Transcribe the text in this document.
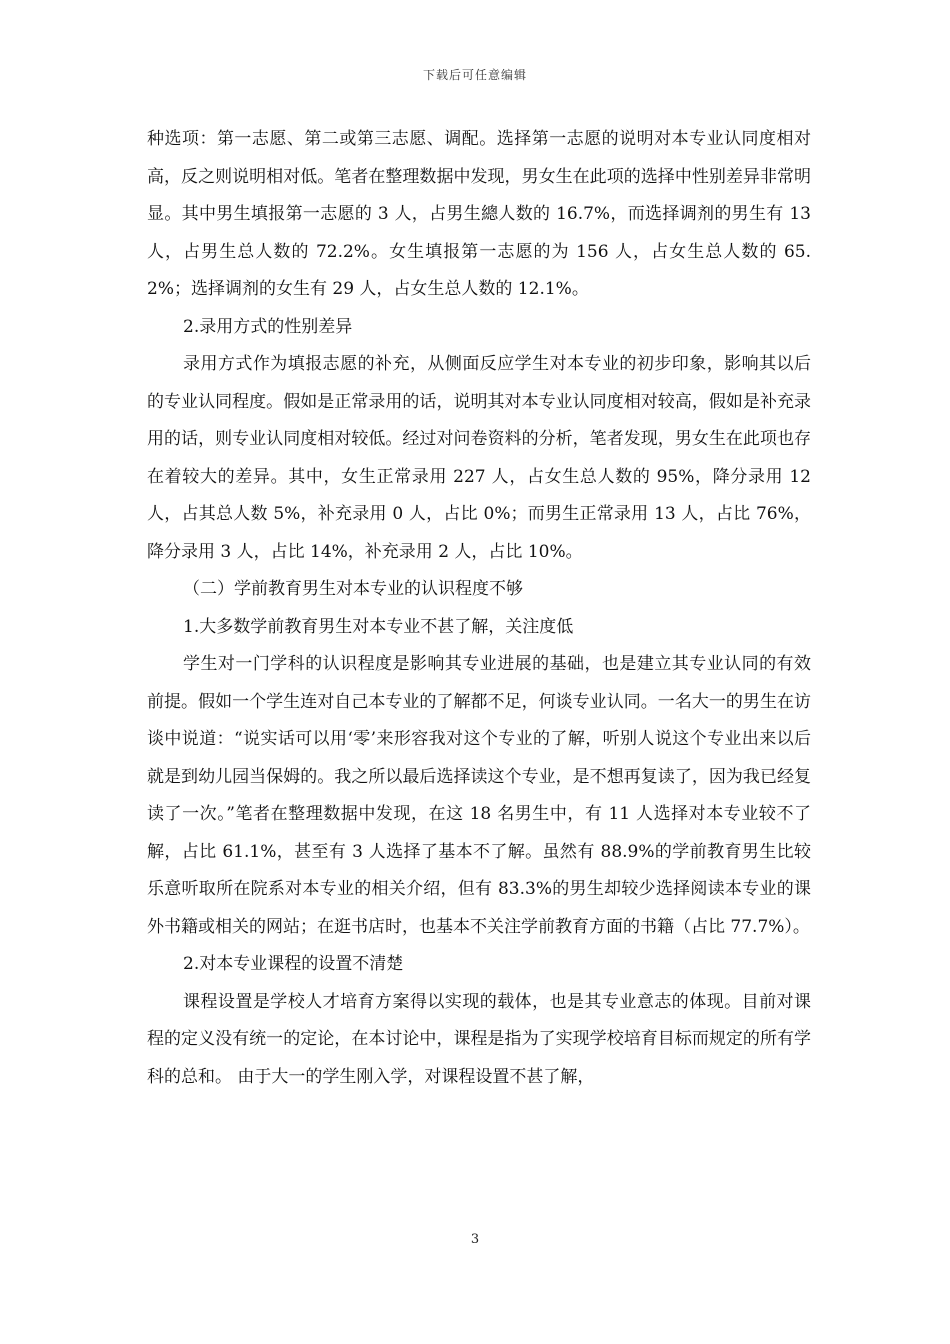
下载后可任意编辑

种选项：第一志愿、第二或第三志愿、调配。选择第一志愿的说明对本专业认同度相对高，反之则说明相对低。笔者在整理数据中发现，男女生在此项的选择中性别差异非常明显。其中男生填报第一志愿的 3 人，占男生總人数的 16.7%，而选择调剂的男生有 13 人，占男生总人数的 72.2%。女生填报第一志愿的为 156 人，占女生总人数的 65.2%；选择调剂的女生有 29 人，占女生总人数的 12.1%。

2.录用方式的性别差异

录用方式作为填报志愿的补充，从侧面反应学生对本专业的初步印象，影响其以后的专业认同程度。假如是正常录用的话，说明其对本专业认同度相对较高，假如是补充录用的话，则专业认同度相对较低。经过对问卷资料的分析，笔者发现，男女生在此项也存在着较大的差异。其中，女生正常录用 227 人，占女生总人数的 95%，降分录用 12 人，占其总人数 5%，补充录用 0 人，占比 0%；而男生正常录用 13 人，占比 76%，降分录用 3 人，占比 14%，补充录用 2 人，占比 10%。

（二）学前教育男生对本专业的认识程度不够

1.大多数学前教育男生对本专业不甚了解，关注度低

学生对一门学科的认识程度是影响其专业进展的基础，也是建立其专业认同的有效前提。假如一个学生连对自己本专业的了解都不足，何谈专业认同。一名大一的男生在访谈中说道：“说实话可以用‘零’来形容我对这个专业的了解，听别人说这个专业出来以后就是到幼儿园当保姆的。我之所以最后选择读这个专业，是不想再复读了，因为我已经复读了一次。”笔者在整理数据中发现，在这 18 名男生中，有 11 人选择对本专业较不了解，占比 61.1%，甚至有 3 人选择了基本不了解。虽然有 88.9%的学前教育男生比较乐意听取所在院系对本专业的相关介绍，但有 83.3%的男生却较少选择阅读本专业的课外书籍或相关的网站；在逛书店时，也基本不关注学前教育方面的书籍（占比 77.7%）。

2.对本专业课程的设置不清楚

课程设置是学校人才培育方案得以实现的载体，也是其专业意志的体现。目前对课程的定义没有统一的定论，在本讨论中，课程是指为了实现学校培育目标而规定的所有学科的总和。 由于大一的学生刚入学，对课程设置不甚了解，

3
